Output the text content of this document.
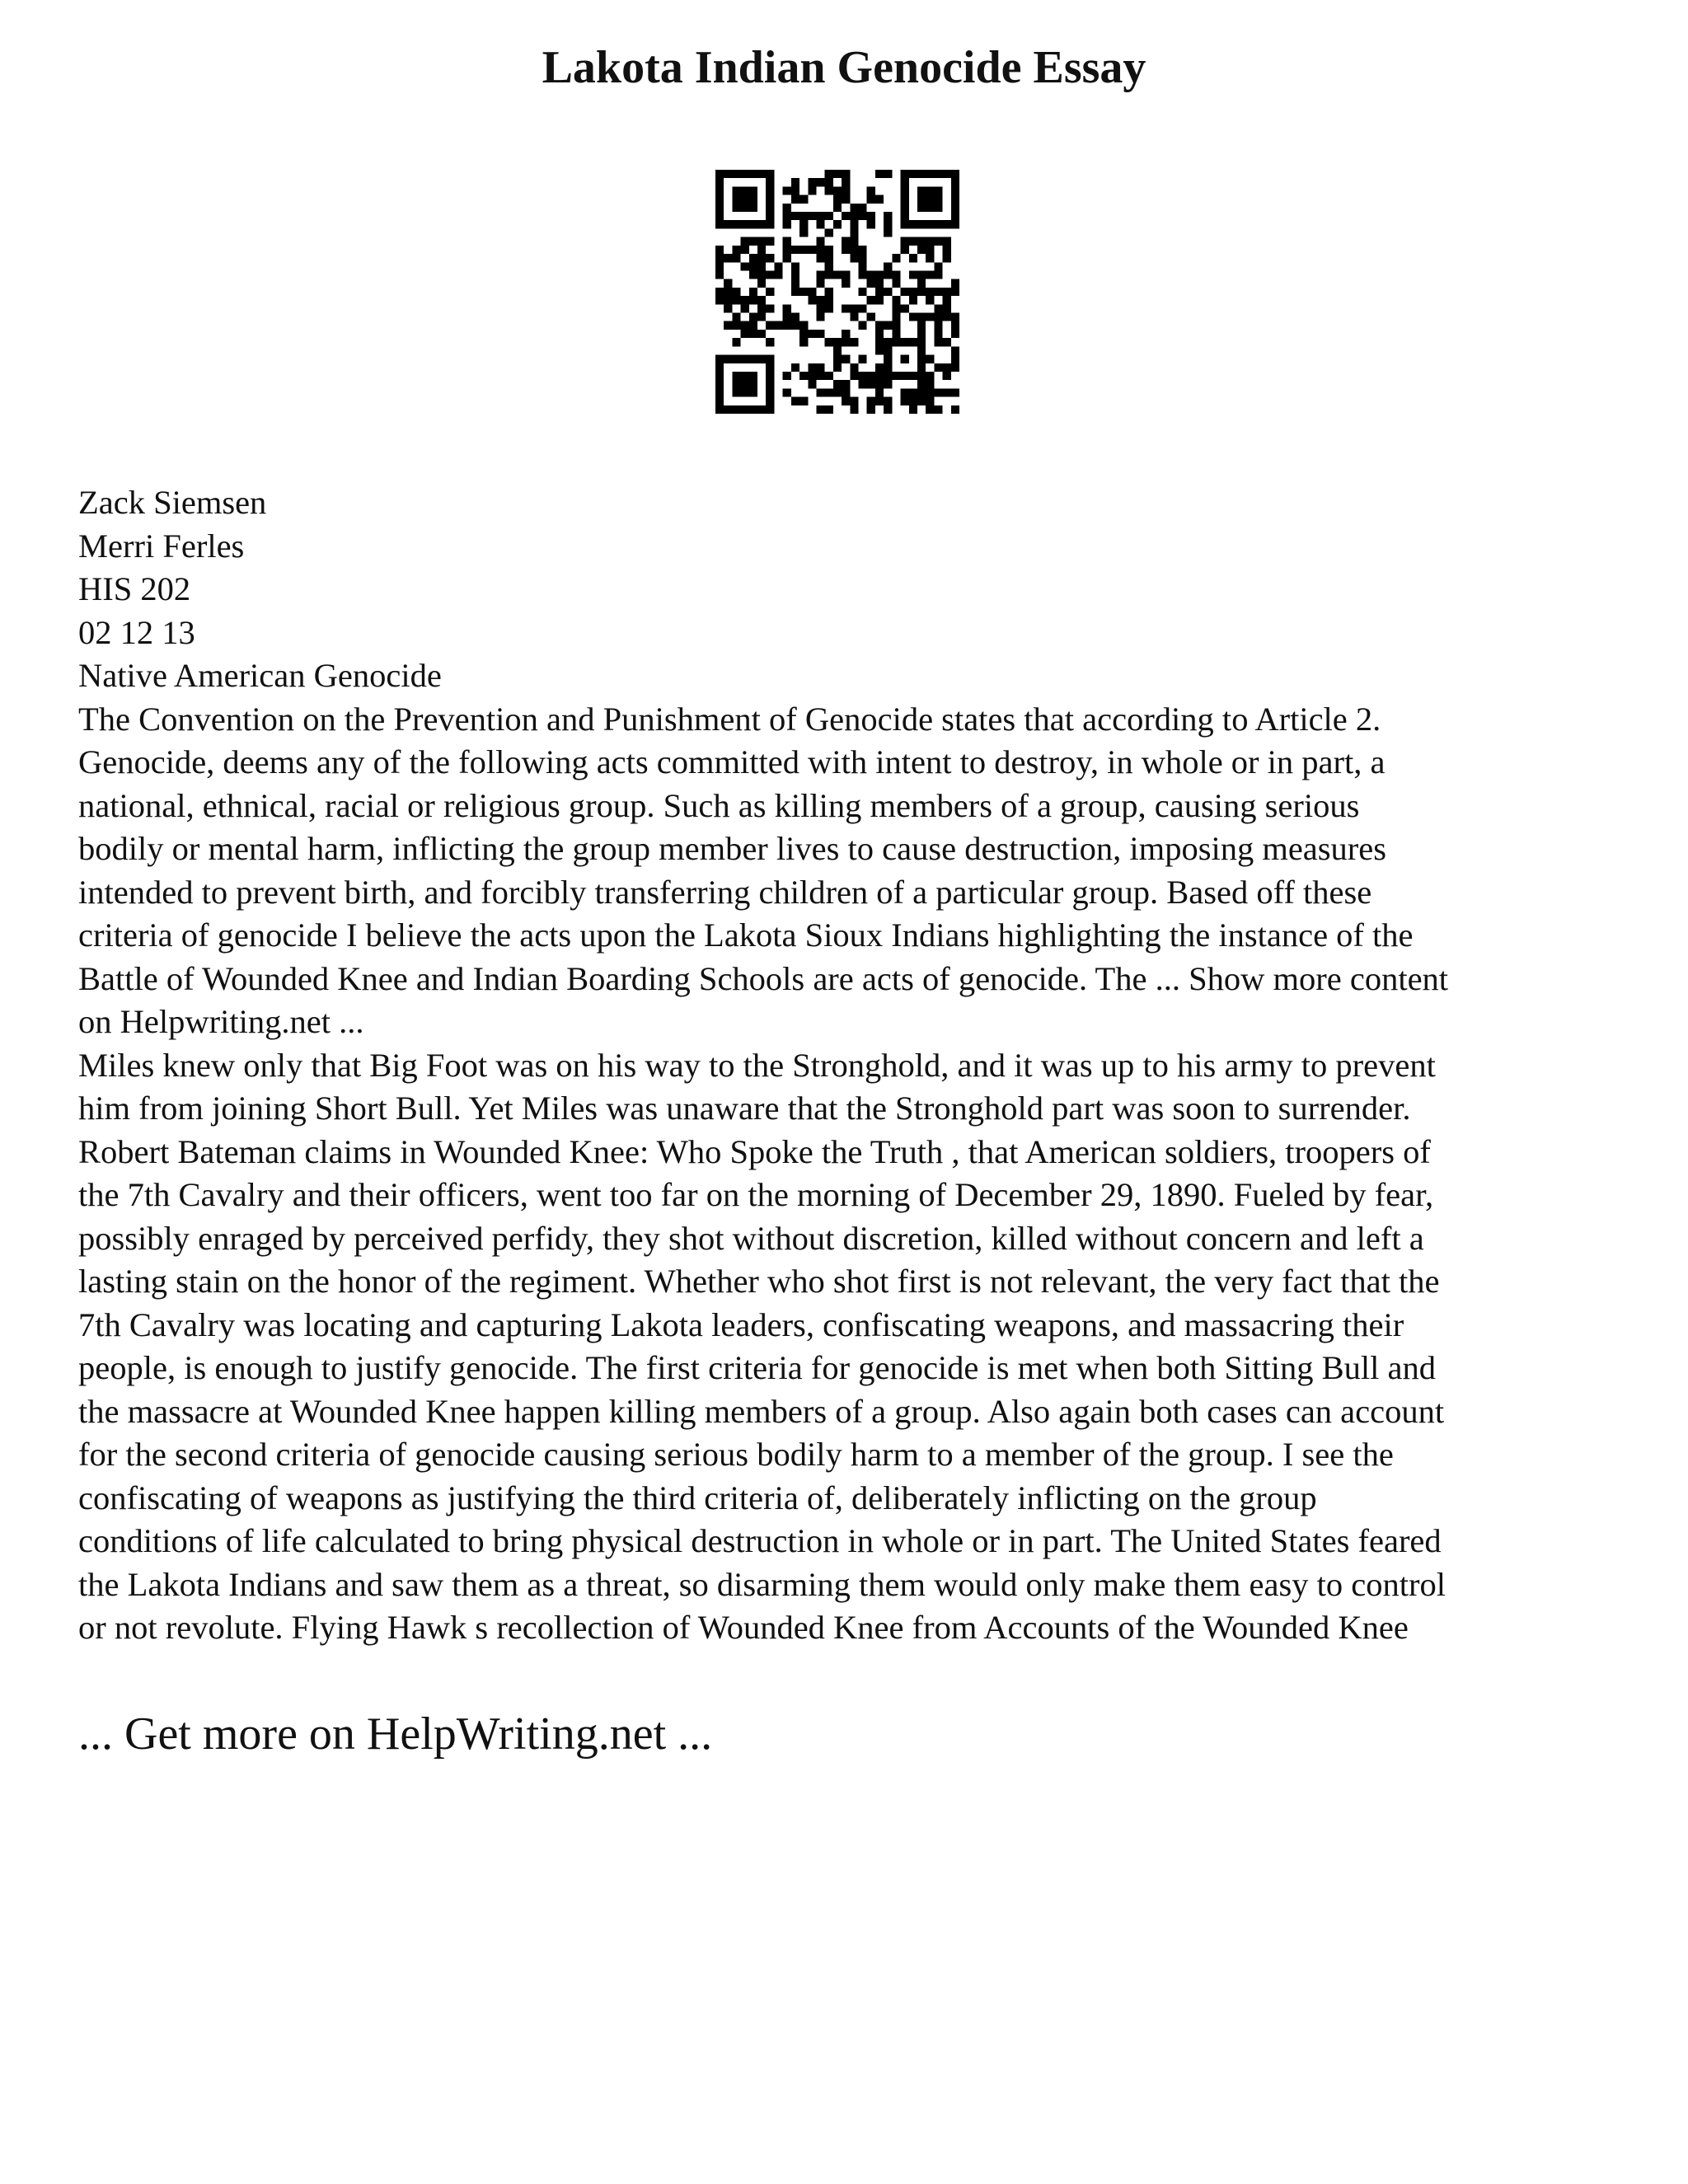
Lakota Indian Genocide Essay
Zack Siemsen
Merri Ferles
HIS 202
02 12 13
Native American Genocide
The Convention on the Prevention and Punishment of Genocide states that according to Article 2.
Genocide, deems any of the following acts committed with intent to destroy, in whole or in part, a
national, ethnical, racial or religious group. Such as killing members of a group, causing serious
bodily or mental harm, inflicting the group member lives to cause destruction, imposing measures
intended to prevent birth, and forcibly transferring children of a particular group. Based off these
criteria of genocide I believe the acts upon the Lakota Sioux Indians highlighting the instance of the
Battle of Wounded Knee and Indian Boarding Schools are acts of genocide. The ... Show more content
on Helpwriting.net ...
Miles knew only that Big Foot was on his way to the Stronghold, and it was up to his army to prevent
him from joining Short Bull. Yet Miles was unaware that the Stronghold part was soon to surrender.
Robert Bateman claims in Wounded Knee: Who Spoke the Truth , that American soldiers, troopers of
the 7th Cavalry and their officers, went too far on the morning of December 29, 1890. Fueled by fear,
possibly enraged by perceived perfidy, they shot without discretion, killed without concern and left a
lasting stain on the honor of the regiment. Whether who shot first is not relevant, the very fact that the
7th Cavalry was locating and capturing Lakota leaders, confiscating weapons, and massacring their
people, is enough to justify genocide. The first criteria for genocide is met when both Sitting Bull and
the massacre at Wounded Knee happen killing members of a group. Also again both cases can account
for the second criteria of genocide causing serious bodily harm to a member of the group. I see the
confiscating of weapons as justifying the third criteria of, deliberately inflicting on the group
conditions of life calculated to bring physical destruction in whole or in part. The United States feared
the Lakota Indians and saw them as a threat, so disarming them would only make them easy to control
or not revolute. Flying Hawk s recollection of Wounded Knee from Accounts of the Wounded Knee
... Get more on HelpWriting.net ...
